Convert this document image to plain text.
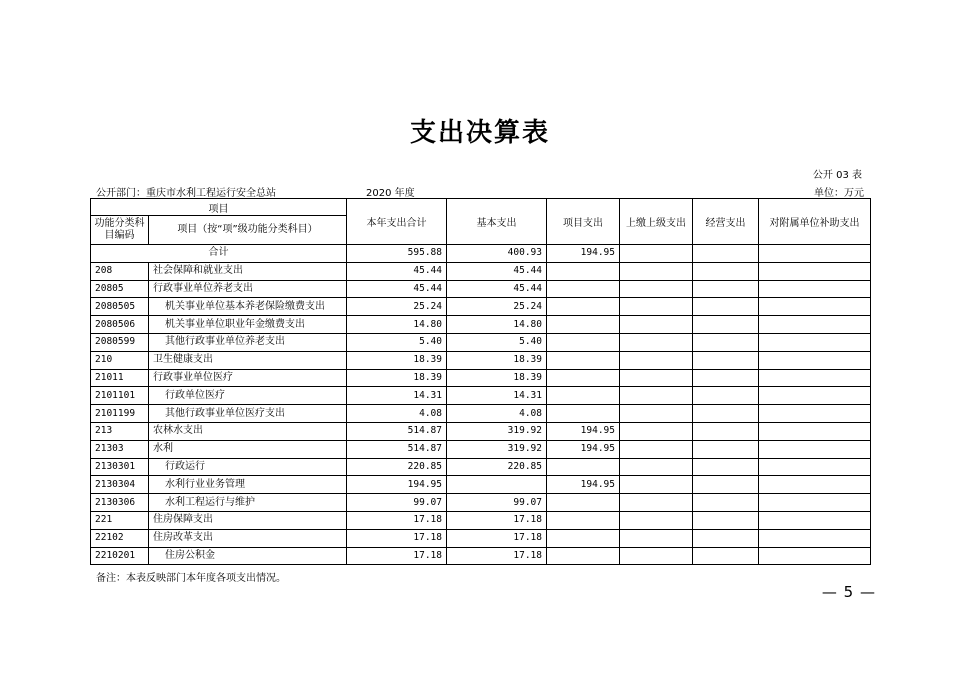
支出决算表
公开 03 表
公开部门：重庆市水利工程运行安全总站	2020 年度	单位：万元
项目		本年支出合计	基本支出	项目支出	上缴上级支出	经营支出	对附属单位补助支出
功能分类科目编码	项目（按“项”级功能分类科目）						
合计		595.88	400.93	194.95			
208	社会保障和就业支出	45.44	45.44				
20805	行政事业单位养老支出	45.44	45.44				
2080505	机关事业单位基本养老保险缴费支出	25.24	25.24				
2080506	机关事业单位职业年金缴费支出	14.80	14.80				
2080599	其他行政事业单位养老支出	5.40	5.40				
210	卫生健康支出	18.39	18.39				
21011	行政事业单位医疗	18.39	18.39				
2101101	行政单位医疗	14.31	14.31				
2101199	其他行政事业单位医疗支出	4.08	4.08				
213	农林水支出	514.87	319.92	194.95			
21303	水利	514.87	319.92	194.95			
2130301	行政运行	220.85	220.85				
2130304	水利行业业务管理	194.95		194.95			
2130306	水利工程运行与维护	99.07	99.07				
221	住房保障支出	17.18	17.18				
22102	住房改革支出	17.18	17.18				
2210201	住房公积金	17.18	17.18				
备注：本表反映部门本年度各项支出情况。
— 5 —
